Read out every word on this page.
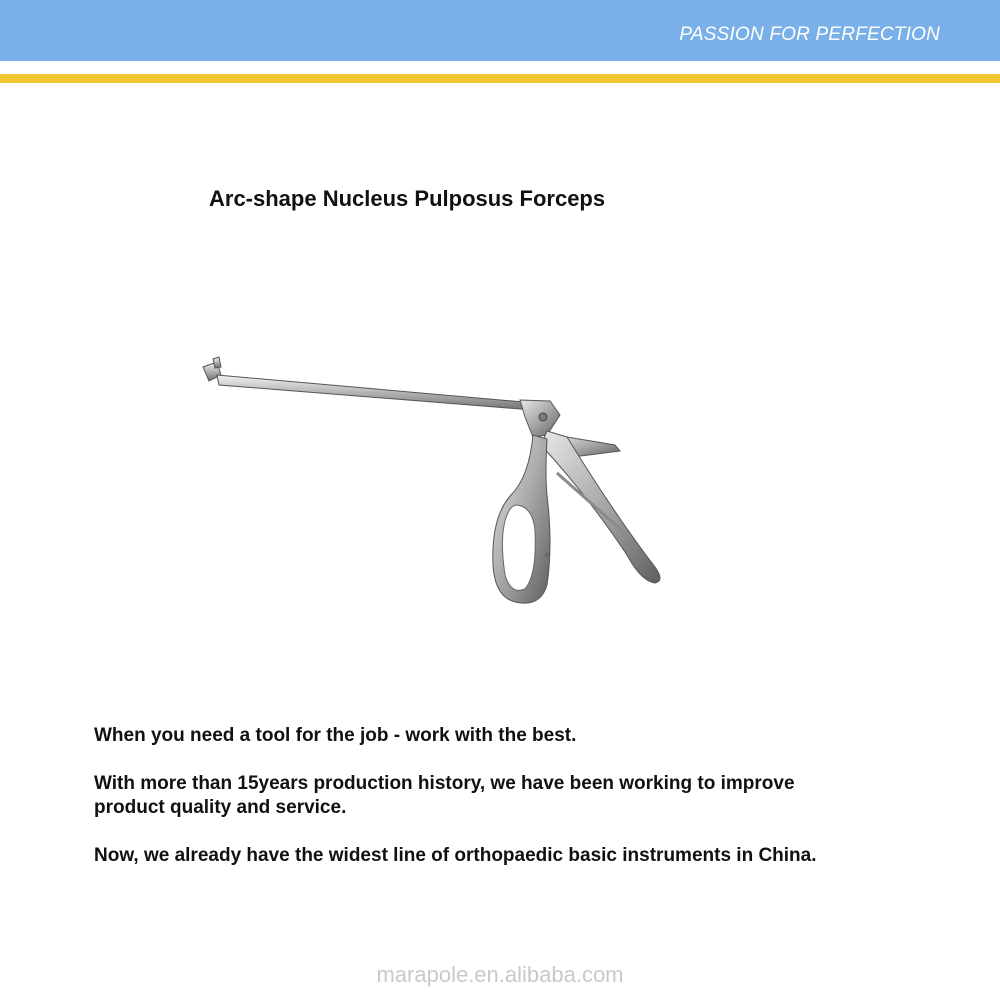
PASSION FOR PERFECTION
Arc-shape Nucleus Pulposus Forceps

When you need a tool for the job - work with the best.

With more than 15years production history, we have been working to improve product quality and service.

Now, we already have the widest line of orthopaedic basic instruments in China.

marapole.en.alibaba.com
